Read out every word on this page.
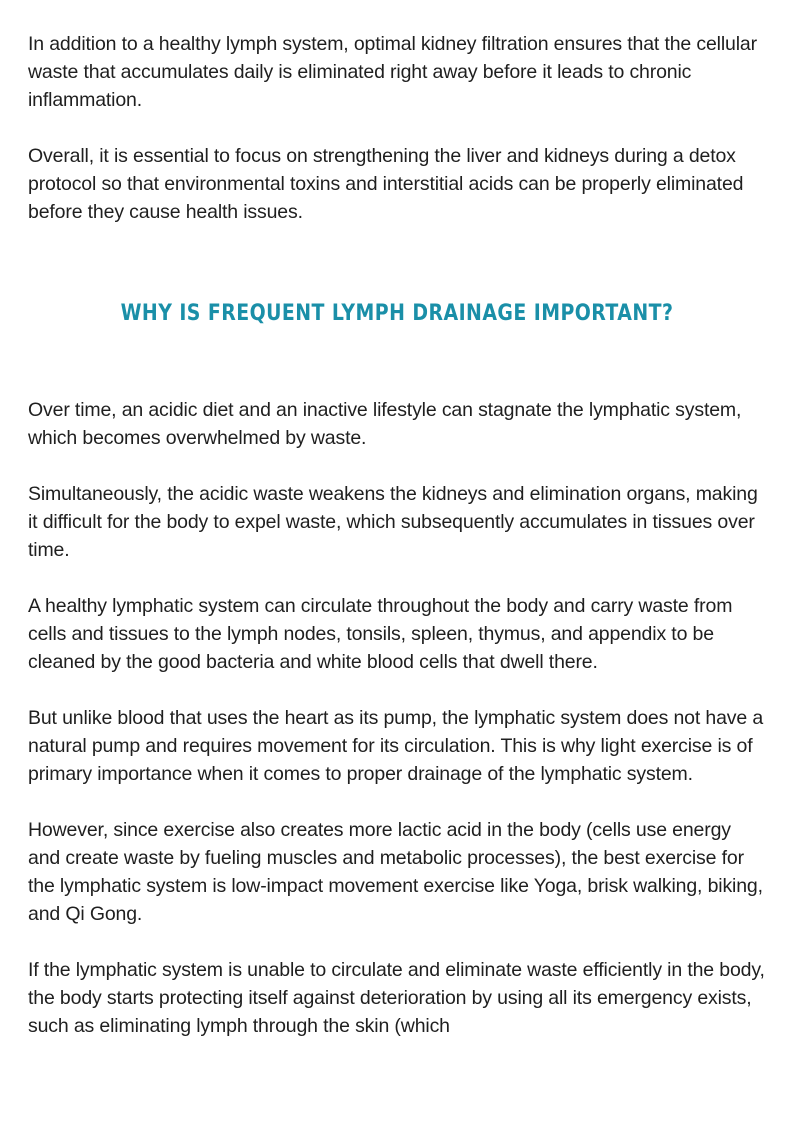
In addition to a healthy lymph system, optimal kidney filtration ensures that the cellular waste that accumulates daily is eliminated right away before it leads to chronic inflammation.

Overall, it is essential to focus on strengthening the liver and kidneys during a detox protocol so that environmental toxins and interstitial acids can be properly eliminated before they cause health issues.

WHY IS FREQUENT LYMPH DRAINAGE IMPORTANT?

Over time, an acidic diet and an inactive lifestyle can stagnate the lymphatic system, which becomes overwhelmed by waste.

Simultaneously, the acidic waste weakens the kidneys and elimination organs, making it difficult for the body to expel waste, which subsequently accumulates in tissues over time.

A healthy lymphatic system can circulate throughout the body and carry waste from cells and tissues to the lymph nodes, tonsils, spleen, thymus, and appendix to be cleaned by the good bacteria and white blood cells that dwell there.

But unlike blood that uses the heart as its pump, the lymphatic system does not have a natural pump and requires movement for its circulation. This is why light exercise is of primary importance when it comes to proper drainage of the lymphatic system.

However, since exercise also creates more lactic acid in the body (cells use energy and create waste by fueling muscles and metabolic processes), the best exercise for the lymphatic system is low-impact movement exercise like Yoga, brisk walking, biking, and Qi Gong.

If the lymphatic system is unable to circulate and eliminate waste efficiently in the body, the body starts protecting itself against deterioration by using all its emergency exists, such as eliminating lymph through the skin (which
